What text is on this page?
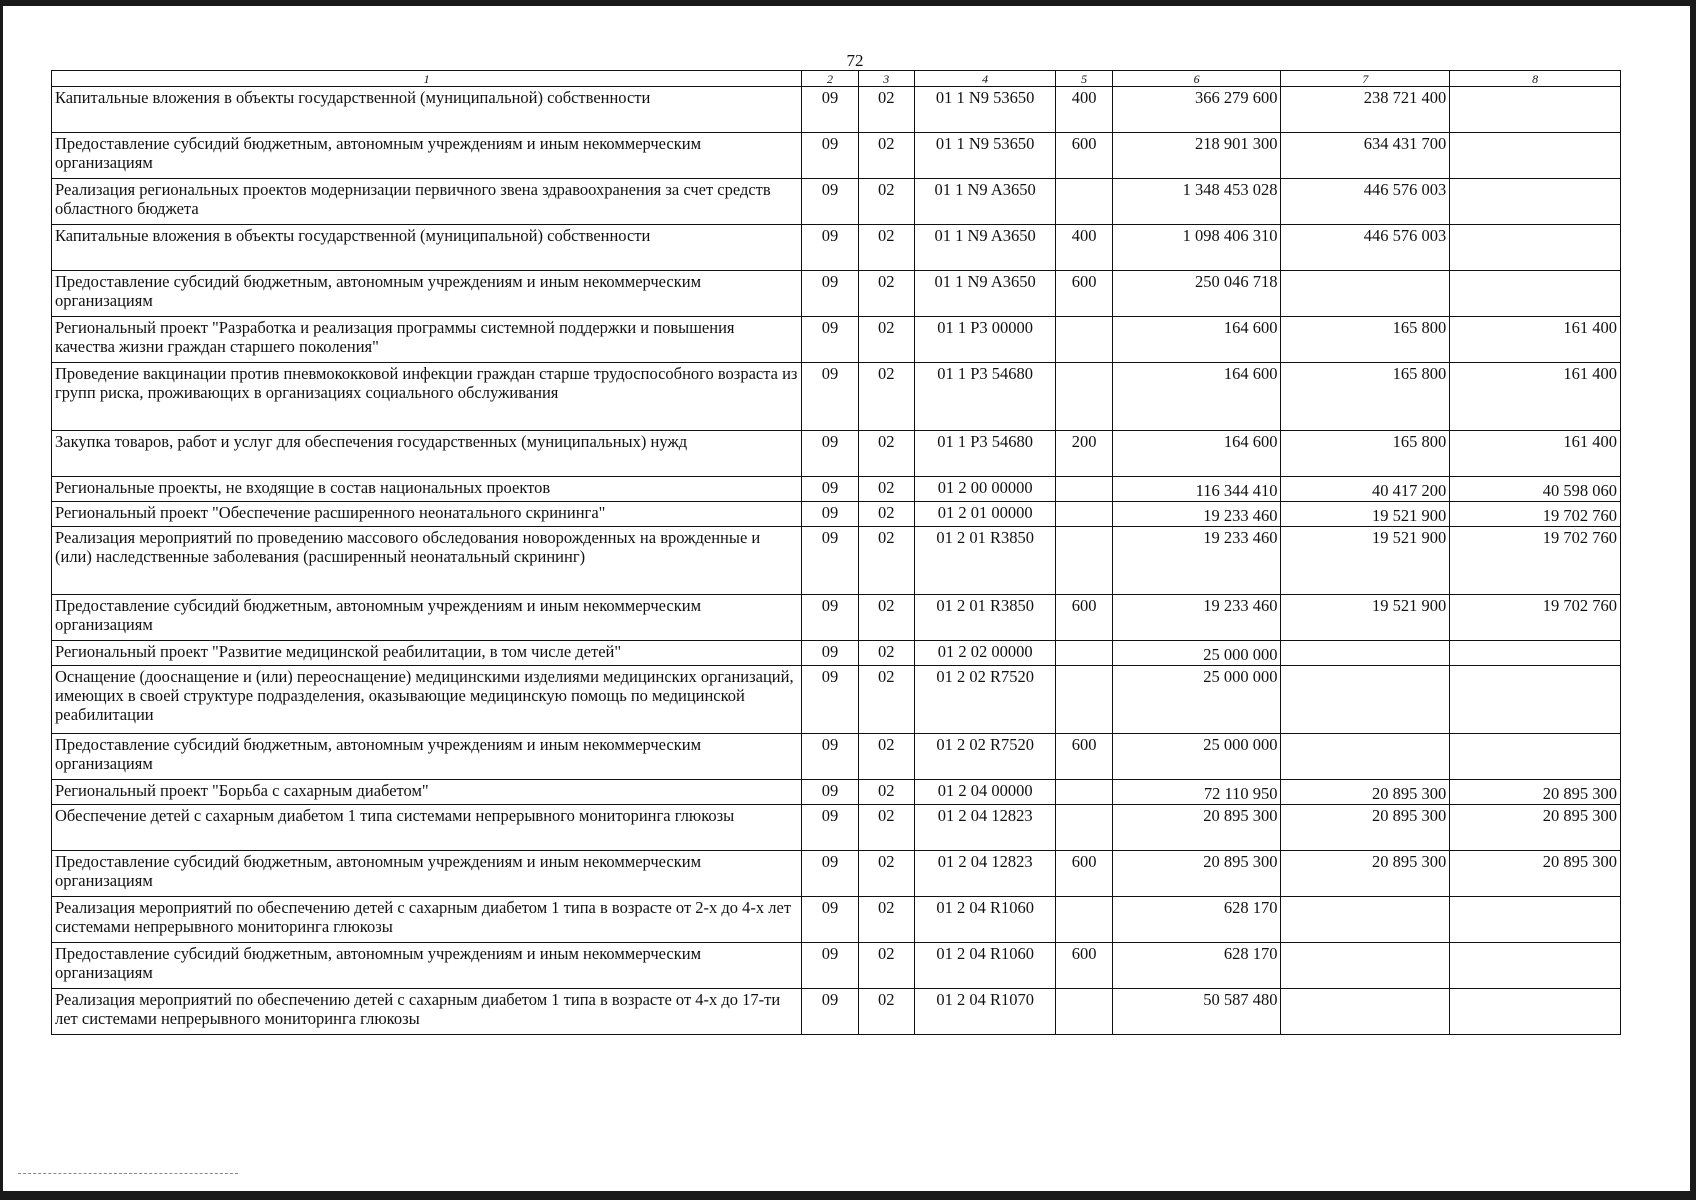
72
1	2	3	4	5	6	7	8
Капитальные вложения в объекты государственной (муниципальной) собственности	09	02	01 1 N9 53650	400	366 279 600	238 721 400	
Предоставление субсидий бюджетным, автономным учреждениям и иным некоммерческим организациям	09	02	01 1 N9 53650	600	218 901 300	634 431 700	
Реализация региональных проектов модернизации первичного звена здравоохранения за счет средств областного бюджета	09	02	01 1 N9 A3650		1 348 453 028	446 576 003	
Капитальные вложения в объекты государственной (муниципальной) собственности	09	02	01 1 N9 A3650	400	1 098 406 310	446 576 003	
Предоставление субсидий бюджетным, автономным учреждениям и иным некоммерческим организациям	09	02	01 1 N9 A3650	600	250 046 718		
Региональный проект "Разработка и реализация программы системной поддержки и повышения качества жизни граждан старшего поколения"	09	02	01 1 P3 00000		164 600	165 800	161 400
Проведение вакцинации против пневмококковой инфекции граждан старше трудоспособного возраста из групп риска, проживающих в организациях социального обслуживания	09	02	01 1 P3 54680		164 600	165 800	161 400
Закупка товаров, работ и услуг для обеспечения государственных (муниципальных) нужд	09	02	01 1 P3 54680	200	164 600	165 800	161 400
Региональные проекты, не входящие в состав национальных проектов	09	02	01 2 00 00000		116 344 410	40 417 200	40 598 060
Региональный проект "Обеспечение расширенного неонатального скрининга"	09	02	01 2 01 00000		19 233 460	19 521 900	19 702 760
Реализация мероприятий по проведению массового обследования новорожденных на врожденные и (или) наследственные заболевания (расширенный неонатальный скрининг)	09	02	01 2 01 R3850		19 233 460	19 521 900	19 702 760
Предоставление субсидий бюджетным, автономным учреждениям и иным некоммерческим организациям	09	02	01 2 01 R3850	600	19 233 460	19 521 900	19 702 760
Региональный проект "Развитие медицинской реабилитации, в том числе детей"	09	02	01 2 02 00000		25 000 000		
Оснащение (дооснащение и (или) переоснащение) медицинскими изделиями медицинских организаций, имеющих в своей структуре подразделения, оказывающие медицинскую помощь по медицинской реабилитации	09	02	01 2 02 R7520		25 000 000		
Предоставление субсидий бюджетным, автономным учреждениям и иным некоммерческим организациям	09	02	01 2 02 R7520	600	25 000 000		
Региональный проект "Борьба с сахарным диабетом"	09	02	01 2 04 00000		72 110 950	20 895 300	20 895 300
Обеспечение детей с сахарным диабетом 1 типа системами непрерывного мониторинга глюкозы	09	02	01 2 04 12823		20 895 300	20 895 300	20 895 300
Предоставление субсидий бюджетным, автономным учреждениям и иным некоммерческим организациям	09	02	01 2 04 12823	600	20 895 300	20 895 300	20 895 300
Реализация мероприятий по обеспечению детей с сахарным диабетом 1 типа в возрасте от 2-х до 4-х лет системами непрерывного мониторинга глюкозы	09	02	01 2 04 R1060		628 170		
Предоставление субсидий бюджетным, автономным учреждениям и иным некоммерческим организациям	09	02	01 2 04 R1060	600	628 170		
Реализация мероприятий по обеспечению детей с сахарным диабетом 1 типа в возрасте от 4-х до 17-ти лет системами непрерывного мониторинга глюкозы	09	02	01 2 04 R1070		50 587 480		
